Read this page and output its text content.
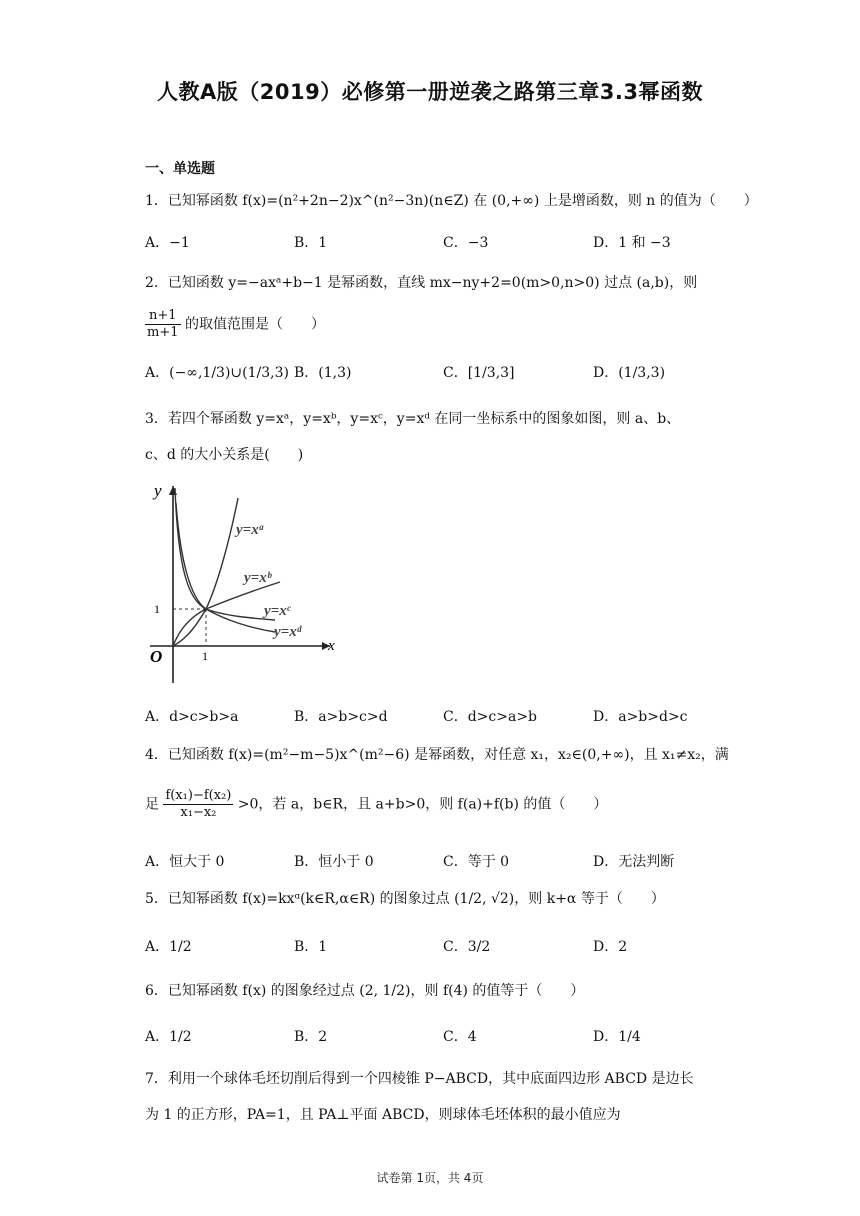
人教A版（2019）必修第一册逆袭之路第三章3.3幂函数
一、单选题
1．已知幂函数 f(x)=(n²+2n−2)x^(n²−3n)(n∈Z) 在 (0,+∞) 上是增函数，则 n 的值为（　　）
A．−1	B．1	C．−3	D．1 和 −3
2．已知函数 y=−axᵃ+b−1 是幂函数，直线 mx−ny+2=0(m>0,n>0) 过点 (a,b)，则
$\frac{n+1}{m+1}$ 的取值范围是（　　）
A．(−∞,1/3)∪(1/3,3) B．(1,3)	C．[1/3,3]	D．(1/3,3)
3．若四个幂函数 y=xᵃ，y=xᵇ，y=xᶜ，y=xᵈ 在同一坐标系中的图象如图，则 a、b、
c、d 的大小关系是(　　)
y
x
O	1
1
y=xᵃ
y=xᵇ
y=xᶜ
y=xᵈ
A．d>c>b>a	B．a>b>c>d	C．d>c>a>b	D．a>b>d>c
4．已知函数 f(x)=(m²−m−5)x^(m²−6) 是幂函数，对任意 x₁，x₂∈(0,+∞)，且 x₁≠x₂，满
足 $\frac{\text{f(x₁)−f(x₂)}}{\text{x₁−x₂}} >0$，若 a，b∈R，且 a+b>0，则 f(a)+f(b) 的值（　　）
A．恒大于 0	B．恒小于 0	C．等于 0	D．无法判断
5．已知幂函数 f(x)=kxᵅ(k∈R,α∈R) 的图象过点 (1/2, √2)，则 k+α 等于（　　）
A．1/2	B．1	C．3/2	D．2
6．已知幂函数 f(x) 的图象经过点 (2, 1/2)，则 f(4) 的值等于（　　）
A．1/2	B．2	C．4	D．1/4
7．利用一个球体毛坯切削后得到一个四棱锥 P−ABCD，其中底面四边形 ABCD 是边长
为 1 的正方形，PA=1，且 PA⊥平面 ABCD，则球体毛坯体积的最小值应为
试卷第 1页，共 4页
